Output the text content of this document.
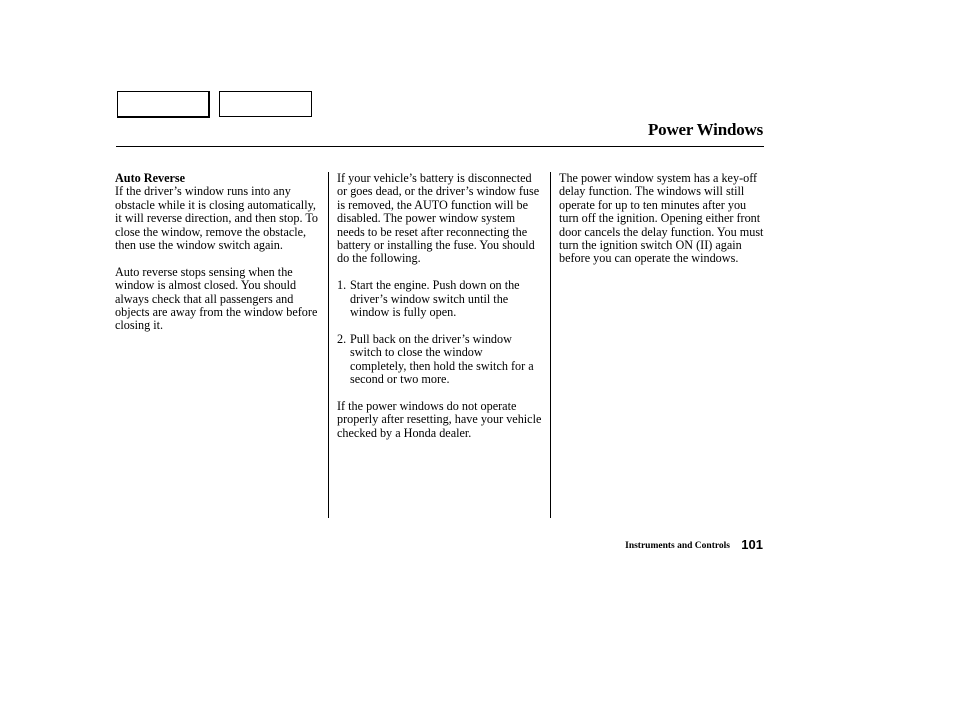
Power Windows
Auto Reverse

If the driver’s window runs into any obstacle while it is closing automatically, it will reverse direction, and then stop. To close the window, remove the obstacle, then use the window switch again.

Auto reverse stops sensing when the window is almost closed. You should always check that all passengers and objects are away from the window before closing it.

If your vehicle’s battery is disconnected or goes dead, or the driver’s window fuse is removed, the AUTO function will be disabled. The power window system needs to be reset after reconnecting the battery or installing the fuse. You should do the following.

1. Start the engine. Push down on the driver’s window switch until the window is fully open.
2. Pull back on the driver’s window switch to close the window completely, then hold the switch for a second or two more.

If the power windows do not operate properly after resetting, have your vehicle checked by a Honda dealer.

The power window system has a key-off delay function. The windows will still operate for up to ten minutes after you turn off the ignition. Opening either front door cancels the delay function. You must turn the ignition switch ON (II) again before you can operate the windows.

Instruments and Controls 101
